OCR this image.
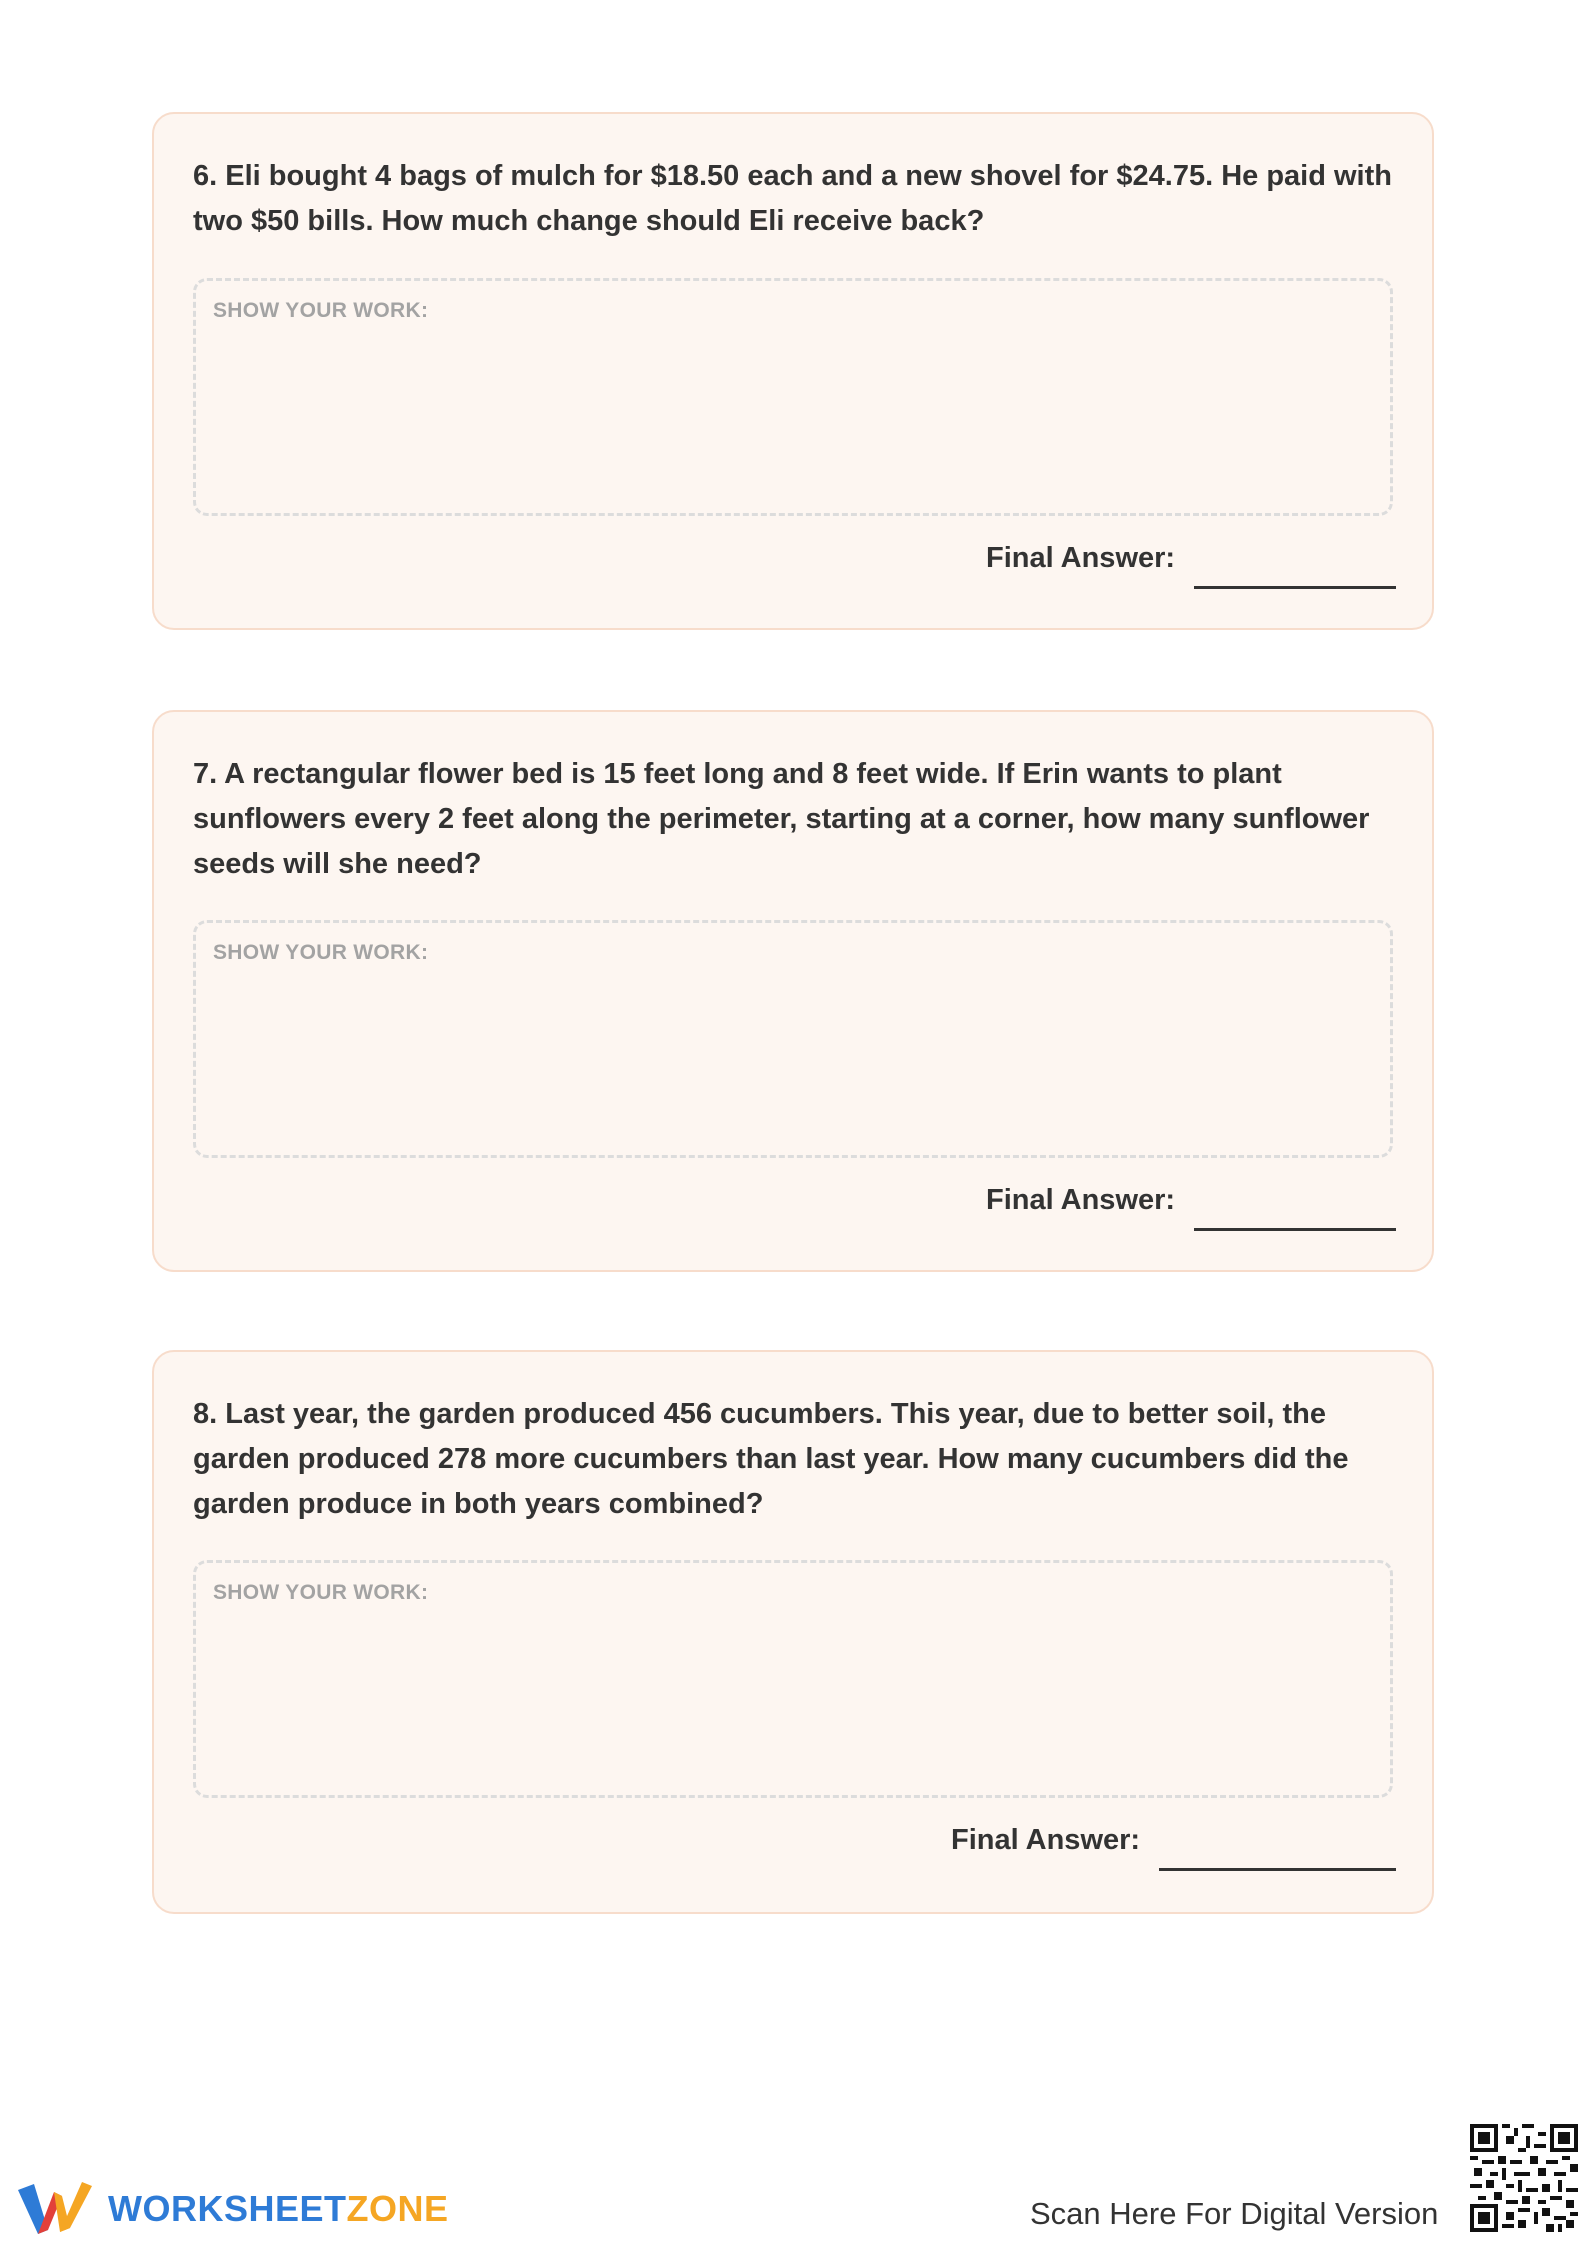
6. Eli bought 4 bags of mulch for $18.50 each and a new shovel for $24.75. He paid with two $50 bills. How much change should Eli receive back?

SHOW YOUR WORK:
Final Answer:

7. A rectangular flower bed is 15 feet long and 8 feet wide. If Erin wants to plant sunflowers every 2 feet along the perimeter, starting at a corner, how many sunflower seeds will she need?

SHOW YOUR WORK:
Final Answer:

8. Last year, the garden produced 456 cucumbers. This year, due to better soil, the garden produced 278 more cucumbers than last year. How many cucumbers did the garden produce in both years combined?

SHOW YOUR WORK:
Final Answer:
WORKSHEETZONE	Scan Here For Digital Version
